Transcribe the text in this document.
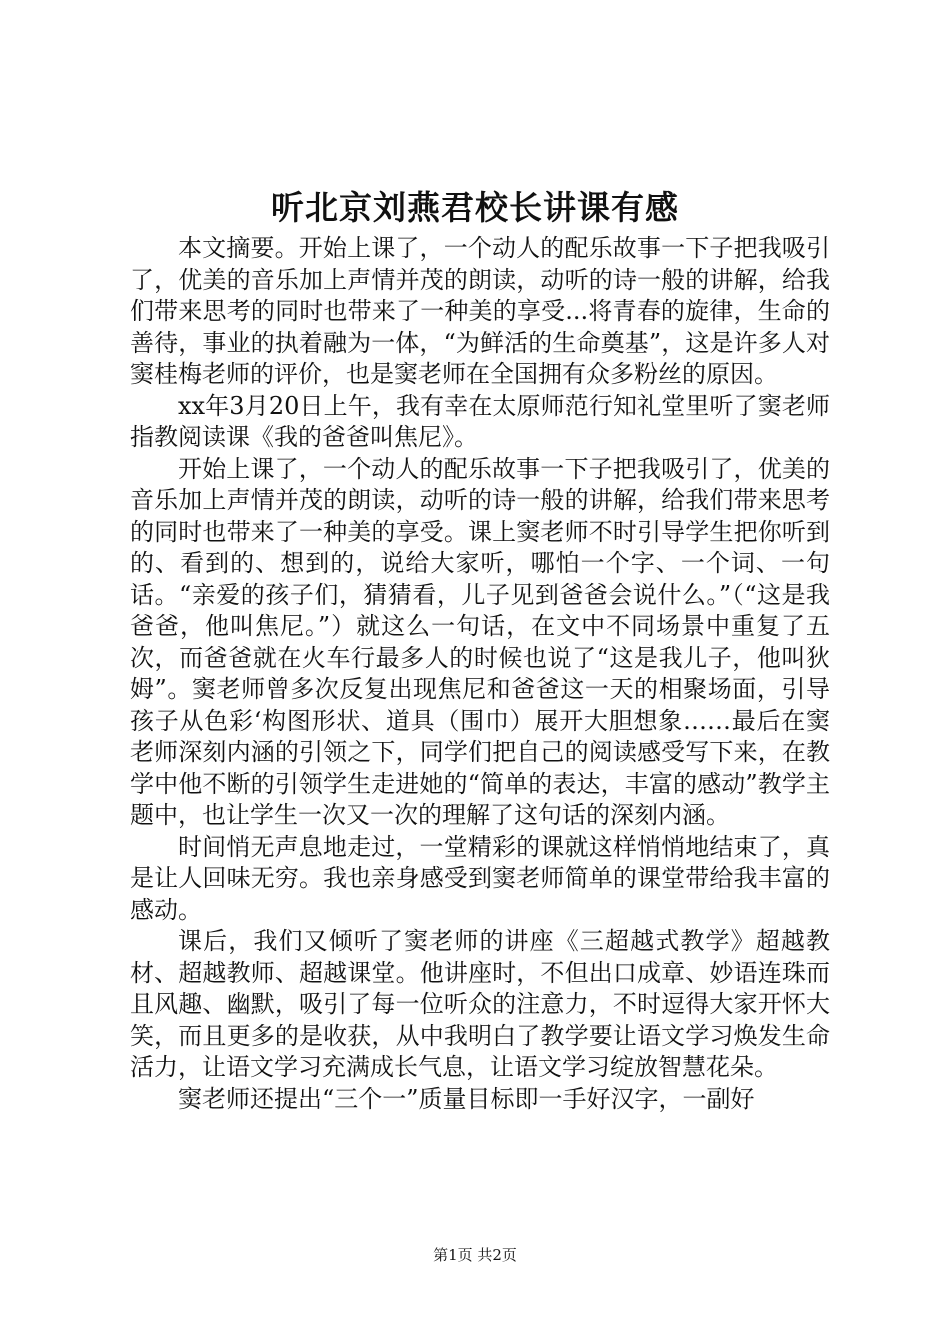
听北京刘燕君校长讲课有感

本文摘要。开始上课了，一个动人的配乐故事一下子把我吸引了，优美的音乐加上声情并茂的朗读，动听的诗一般的讲解，给我们带来思考的同时也带来了一种美的享受...将青春的旋律，生命的善待，事业的执着融为一体，“为鲜活的生命奠基”，这是许多人对窦桂梅老师的评价，也是窦老师在全国拥有众多粉丝的原因。

xx年3月20日上午，我有幸在太原师范行知礼堂里听了窦老师指教阅读课《我的爸爸叫焦尼》。

开始上课了，一个动人的配乐故事一下子把我吸引了，优美的音乐加上声情并茂的朗读，动听的诗一般的讲解，给我们带来思考的同时也带来了一种美的享受。课上窦老师不时引导学生把你听到的、看到的、想到的，说给大家听，哪怕一个字、一个词、一句话。“亲爱的孩子们，猜猜看，儿子见到爸爸会说什么。”（“这是我爸爸，他叫焦尼。”）就这么一句话，在文中不同场景中重复了五次，而爸爸就在火车行最多人的时候也说了“这是我儿子，他叫狄姆”。窦老师曾多次反复出现焦尼和爸爸这一天的相聚场面，引导孩子从色彩‘构图形状、道具（围巾）展开大胆想象……最后在窦老师深刻内涵的引领之下，同学们把自己的阅读感受写下来，在教学中他不断的引领学生走进她的“简单的表达，丰富的感动”教学主题中，也让学生一次又一次的理解了这句话的深刻内涵。

时间悄无声息地走过，一堂精彩的课就这样悄悄地结束了，真是让人回味无穷。我也亲身感受到窦老师简单的课堂带给我丰富的感动。

课后，我们又倾听了窦老师的讲座《三超越式教学》超越教材、超越教师、超越课堂。他讲座时，不但出口成章、妙语连珠而且风趣、幽默，吸引了每一位听众的注意力，不时逗得大家开怀大笑，而且更多的是收获，从中我明白了教学要让语文学习焕发生命活力，让语文学习充满成长气息，让语文学习绽放智慧花朵。

窦老师还提出“三个一”质量目标即一手好汉字，一副好

第1页 共2页
